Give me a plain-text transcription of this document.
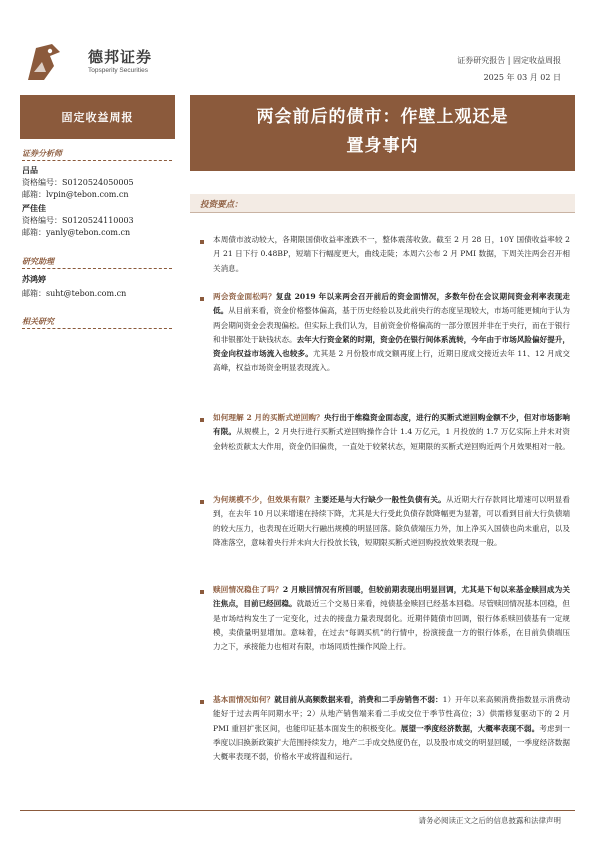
德邦证券
Topsperity Securities
证券研究报告 | 固定收益周报
2025 年 03 月 02 日
固定收益周报	两会前后的债市：作壁上观还是
置身事内
证券分析师
吕品
资格编号：S0120524050005
邮箱：lvpin@tebon.com.cn
严佳佳
资格编号：S0120524110003
邮箱：yanly@tebon.com.cn
研究助理
苏鸿婷
邮箱：suht@tebon.com.cn
相关研究
投资要点：
本周债市波动较大，各期限国债收益率涨跌不一，整体震荡收敛。截至 2 月 28 日，10Y 国债收益率较 2 月 21 日下行 0.48BP，短端下行幅度更大，曲线走陡；本周六公布 2 月 PMI 数据，下周关注两会召开相关消息。
两会资金面松吗？复盘 2019 年以来两会召开前后的资金面情况，多数年份在会议期间资金利率表现走低。从目前来看，资金价格整体偏高，基于历史经验以及此前央行的态度呈现较大，市场可能更倾向于认为两会期间资金会表现偏松。但实际上我们认为，目前资金价格偏高的一部分原因并非在于央行，而在于银行和非银都处于缺钱状态。去年大行资金紧的时期，资金仍在银行间体系流转，今年由于市场风险偏好提升，资金向权益市场流入也较多。尤其是 2 月份股市成交额再度上行，近期日度成交接近去年 11、12 月成交高峰，权益市场资金明显表现流入。
如何理解 2 月的买断式逆回购？央行出于维稳资金面态度，进行的买断式逆回购金额不少，但对市场影响有限。从规模上，2 月央行进行买断式逆回购操作合计 1.4 万亿元，1 月投放的 1.7 万亿实际上并未对资金转松贡献太大作用，资金仍旧偏贵，一直处于较紧状态，短期限的买断式逆回购近两个月效果相对一般。
为何规模不少，但效果有限？主要还是与大行缺少一般性负债有关。从近期大行存款同比增速可以明显看到，在去年 10 月以来增速在持续下降，尤其是大行受此负债存款降幅更为显著，可以看到目前大行负债端的较大压力，也表现在近期大行融出规模的明显回落。除负债端压力外，加上净买入国债也尚未重启，以及降准落空，意味着央行并未向大行投放长钱，短期限买断式逆回购投放效果表现一般。
赎回情况稳住了吗？2 月赎回情况有所回暖，但较前期表现出明显回调，尤其是下旬以来基金赎回成为关注焦点，目前已经回稳。就最近三个交易日来看，纯债基金赎回已经基本回稳。尽管赎回情况基本回稳，但是市场结构发生了一定变化，过去的接盘力量表现弱化。近期伴随债市回调，银行体系赎回债基有一定规模，卖债量明显增加。意味着，在过去“每调买机”的行情中，扮演接盘一方的银行体系，在目前负债端压力之下，承接能力也相对有限，市场同质性操作风险上行。
基本面情况如何？就目前从高频数据来看，消费和二手房销售不弱：1）开年以来高频消费指数显示消费动能好于过去两年同期水平；2）从地产销售端来看二手成交位于季节性高位；3）供需修复驱动下的 2 月 PMI 重回扩张区间，也能印证基本面发生的积极变化。展望一季度经济数据，大概率表现不弱。考虑到一季度以旧换新政策扩大范围持续发力，地产二手成交热度仍在，以及股市成交的明显回暖，一季度经济数据大概率表现不弱，价格水平或将温和运行。
请务必阅读正文之后的信息披露和法律声明
